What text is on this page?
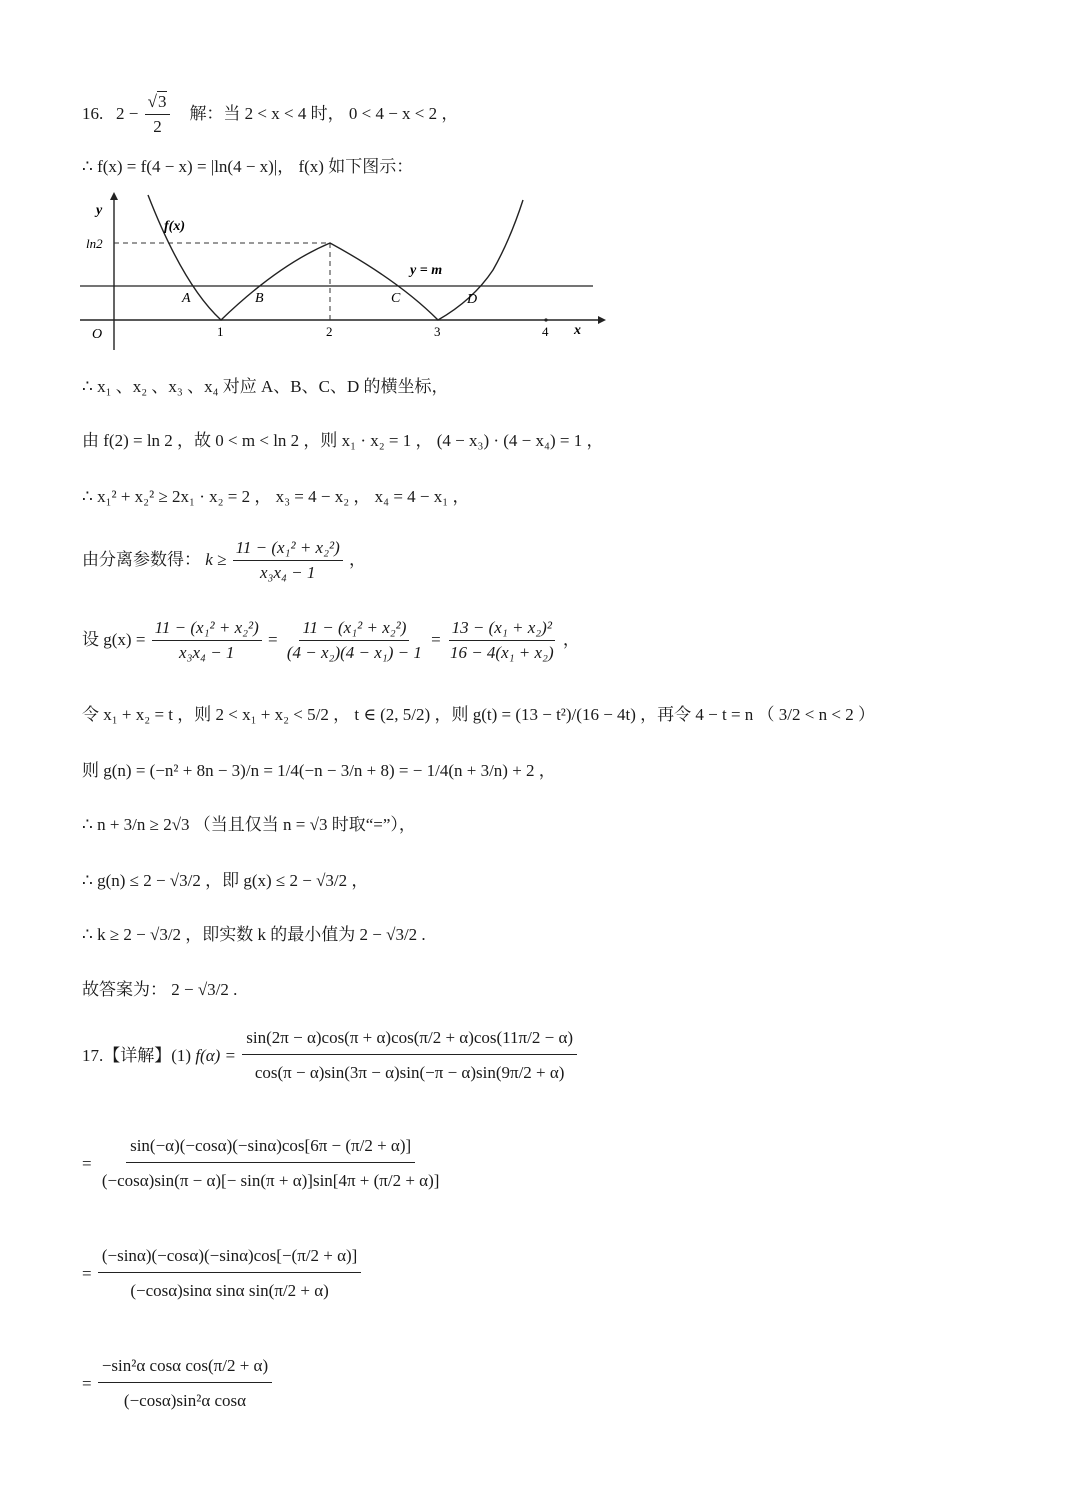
16. $2 - \frac{√3}{2}$ 解：当 2 < x < 4 时， 0 < 4 − x < 2 ，
∴ f(x) = f(4 − x) = |ln(4 − x)|， f(x) 如下图示：
y
x
O
ln2
f(x)
y = m
A	B	C	D
1	2	3	4
∴ x₁ 、x₂ 、x₃ 、x₄ 对应 A、B、C、D 的横坐标，
由 f(2) = ln 2 ，故 0 < m < ln 2 ，则 x₁ · x₂ = 1 ， (4 − x₃) · (4 − x₄) = 1 ，
∴ x₁² + x₂² ≥ 2x₁ · x₂ = 2 ， x₃ = 4 − x₂ ， x₄ = 4 − x₁ ，
由分离参数得： $k \ge \frac{\text{11 − (x₁² + x₂²)}}{\text{x₃x₄ − 1}}$ ，
设 $g(x) = \frac{\text{11 − (x₁² + x₂²)}}{\text{x₃x₄ − 1}} = \frac{\text{11 − (x₁² + x₂²)}}{\text{(4 − x₂)(4 − x₁) − 1}} = \frac{\text{13 − (x₁ + x₂)²}}{\text{16 − 4(x₁ + x₂)}}$ ，
令 x₁ + x₂ = t ，则 2 < x₁ + x₂ < 5/2 ， t ∈ (2, 5/2) ，则 g(t) = (13 − t²)/(16 − 4t) ，再令 4 − t = n （ 3/2 < n < 2 ）
则 g(n) = (−n² + 8n − 3)/n = 1/4(−n − 3/n + 8) = − 1/4(n + 3/n) + 2 ，
∴ n + 3/n ≥ 2√3 （当且仅当 n = √3 时取“=”），
∴ g(n) ≤ 2 − √3/2 ，即 g(x) ≤ 2 − √3/2 ，
∴ k ≥ 2 − √3/2 ，即实数 k 的最小值为 2 − √3/2 .
故答案为： 2 − √3/2 .
17.【详解】(1) $f(\alpha) = \frac{\sin(2\pi - \alpha)\cos(\pi + \alpha)\cos(\pi/2 + \alpha)\cos(11\pi/2 - \alpha)}{\cos(\pi - \alpha)\sin(3\pi - \alpha)\sin(-\pi - \alpha)\sin(9\pi/2 + \alpha)}$
= $\frac{\sin(-\alpha)(-\cos\alpha)(-\sin\alpha)\cos[6\pi - (\pi/2 + \alpha)]}{(-\cos\alpha)\sin(\pi - \alpha)[- \sin(\pi + \alpha)]\sin[4\pi + (\pi/2 + \alpha)]}$
= $\frac{(-\sin\alpha)(-\cos\alpha)(-\sin\alpha)\cos[-(\pi/2 + \alpha)]}{\text{(−cosα)sinα sinα sin(π/2 + α)}}$
= $\frac{\text{−sin²α cosα cos(π/2 + α)}}{\text{(−cosα)sin²α cosα}}$
